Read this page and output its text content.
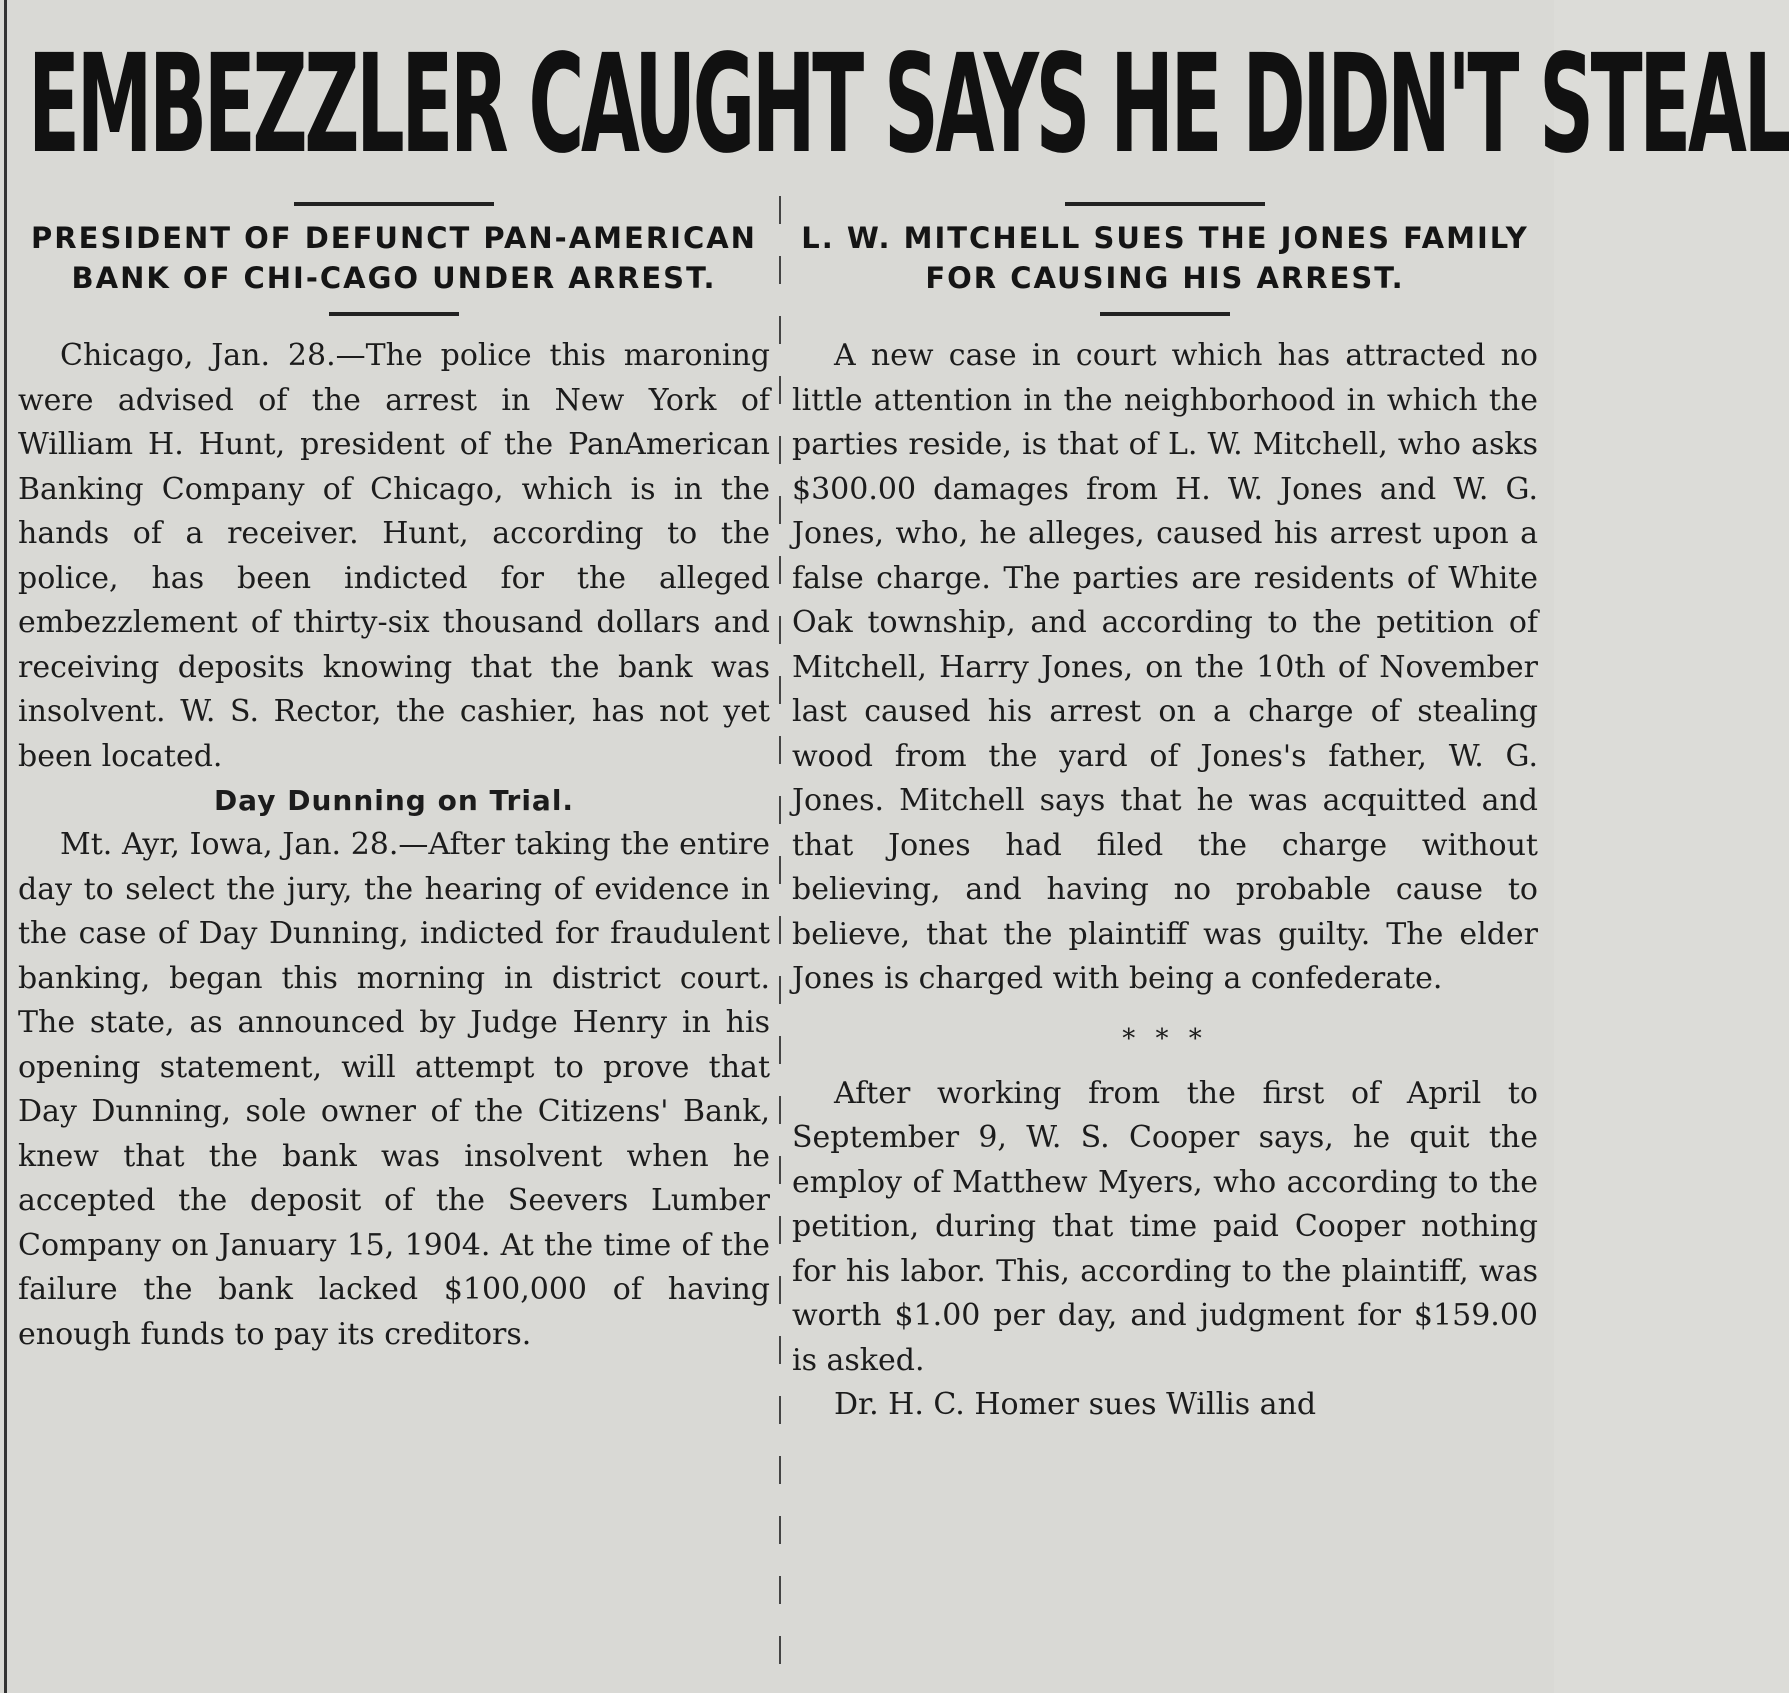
EMBEZZLER CAUGHT SAYS HE DIDN'T STEAL
PRESIDENT OF DEFUNCT PAN-AMERICAN BANK OF CHI-CAGO UNDER ARREST.

Chicago, Jan. 28.—The police this maroning were advised of the arrest in New York of William H. Hunt, president of the PanAmerican Banking Company of Chicago, which is in the hands of a receiver. Hunt, according to the police, has been indicted for the alleged embezzlement of thirty-six thousand dollars and receiving deposits knowing that the bank was insolvent. W. S. Rector, the cashier, has not yet been located.

Day Dunning on Trial.

Mt. Ayr, Iowa, Jan. 28.—After taking the entire day to select the jury, the hearing of evidence in the case of Day Dunning, indicted for fraudulent banking, began this morning in district court. The state, as announced by Judge Henry in his opening statement, will attempt to prove that Day Dunning, sole owner of the Citizens' Bank, knew that the bank was insolvent when he accepted the deposit of the Seevers Lumber Company on January 15, 1904. At the time of the failure the bank lacked $100,000 of having enough funds to pay its creditors.

L. W. MITCHELL SUES THE JONES FAMILY FOR CAUSING HIS ARREST.

A new case in court which has attracted no little attention in the neighborhood in which the parties reside, is that of L. W. Mitchell, who asks $300.00 damages from H. W. Jones and W. G. Jones, who, he alleges, caused his arrest upon a false charge. The parties are residents of White Oak township, and according to the petition of Mitchell, Harry Jones, on the 10th of November last caused his arrest on a charge of stealing wood from the yard of Jones's father, W. G. Jones. Mitchell says that he was acquitted and that Jones had filed the charge without believing, and having no probable cause to believe, that the plaintiff was guilty. The elder Jones is charged with being a confederate.

* * *

After working from the first of April to September 9, W. S. Cooper says, he quit the employ of Matthew Myers, who according to the petition, during that time paid Cooper nothing for his labor. This, according to the plaintiff, was worth $1.00 per day, and judgment for $159.00 is asked.

Dr. H. C. Homer sues Willis and
